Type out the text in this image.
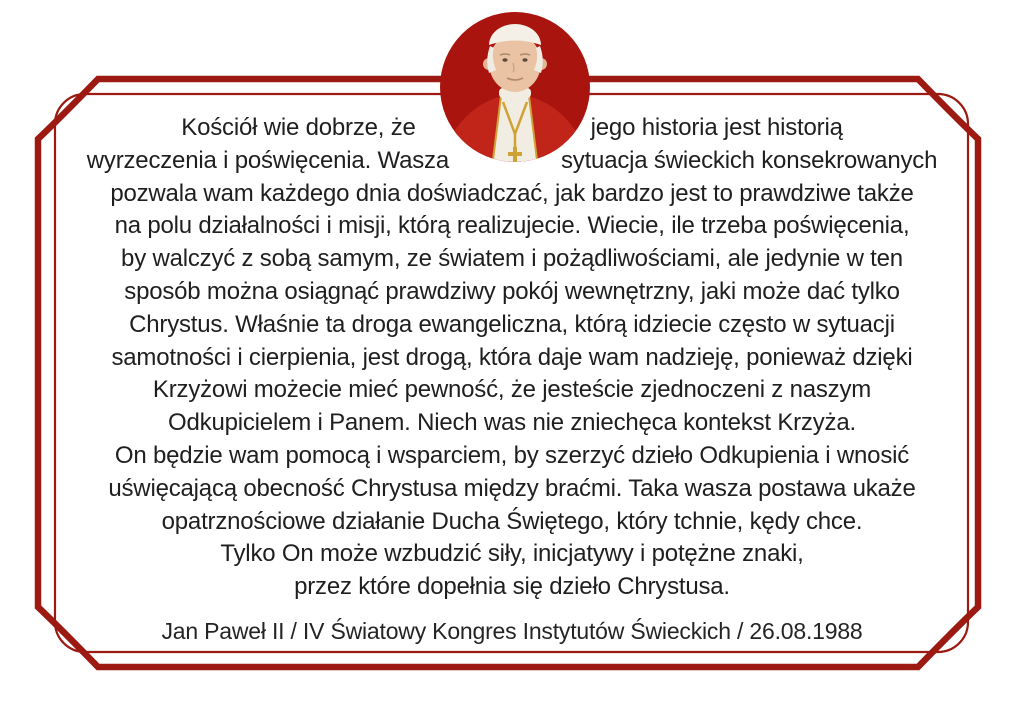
Kościół wie dobrze, że	jego historia jest historią
wyrzeczenia i poświęcenia. Wasza	sytuacja świeckich konsekrowanych
pozwala wam każdego dnia doświadczać, jak bardzo jest to prawdziwe także
na polu działalności i misji, którą realizujecie. Wiecie, ile trzeba poświęcenia,
by walczyć z sobą samym, ze światem i pożądliwościami, ale jedynie w ten
sposób można osiągnąć prawdziwy pokój wewnętrzny, jaki może dać tylko
Chrystus. Właśnie ta droga ewangeliczna, którą idziecie często w sytuacji
samotności i cierpienia, jest drogą, która daje wam nadzieję, ponieważ dzięki
Krzyżowi możecie mieć pewność, że jesteście zjednoczeni z naszym
Odkupicielem i Panem. Niech was nie zniechęca kontekst Krzyża.
On będzie wam pomocą i wsparciem, by szerzyć dzieło Odkupienia i wnosić
uświęcającą obecność Chrystusa między braćmi. Taka wasza postawa ukaże
opatrznościowe działanie Ducha Świętego, który tchnie, kędy chce.
Tylko On może wzbudzić siły, inicjatywy i potężne znaki,
przez które dopełnia się dzieło Chrystusa.
Jan Paweł II / IV Światowy Kongres Instytutów Świeckich / 26.08.1988
